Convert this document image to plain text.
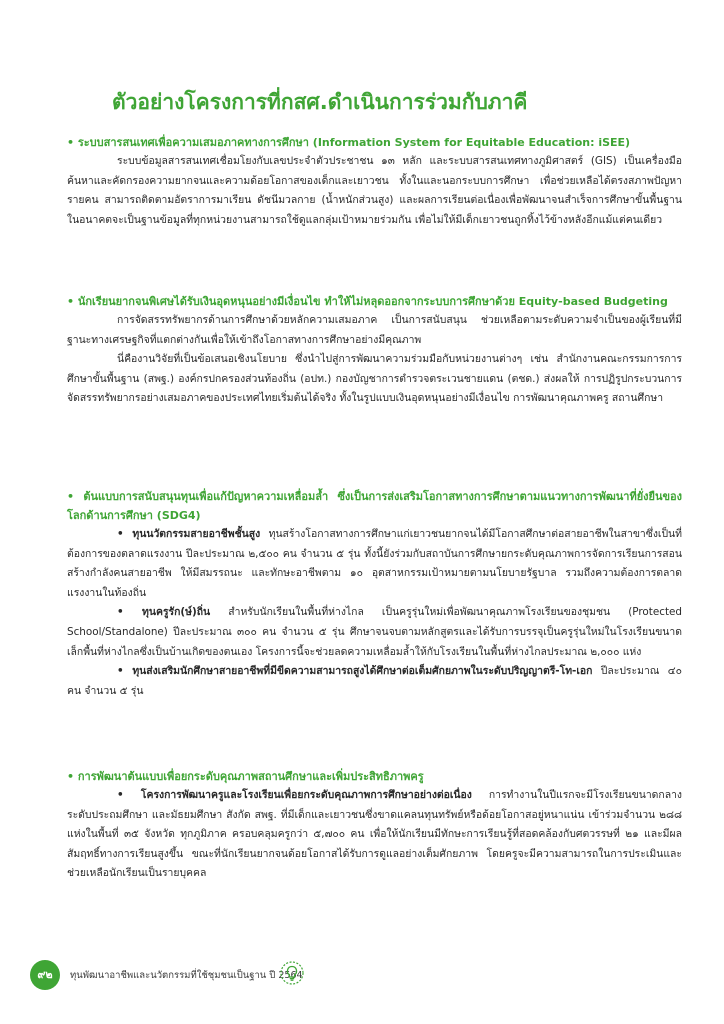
ตัวอย่างโครงการที่กสศ.ดำเนินการร่วมกับภาคี

• ระบบสารสนเทศเพื่อความเสมอภาคทางการศึกษา (Information System for Equitable Education: iSEE)

ระบบข้อมูลสารสนเทศเชื่อมโยงกับเลขประจำตัวประชาชน ๑๓ หลัก และระบบสารสนเทศทางภูมิศาสตร์ (GIS) เป็นเครื่องมือค้นหาและคัดกรองความยากจนและความด้อยโอกาสของเด็กและเยาวชน ทั้งในและนอกระบบการศึกษา เพื่อช่วยเหลือได้ตรงสภาพปัญหารายคน สามารถติดตามอัตราการมาเรียน ดัชนีมวลกาย (น้ำหนักส่วนสูง) และผลการเรียนต่อเนื่องเพื่อพัฒนาจนสำเร็จการศึกษาขั้นพื้นฐาน ในอนาคตจะเป็นฐานข้อมูลที่ทุกหน่วยงานสามารถใช้ดูแลกลุ่มเป้าหมายร่วมกัน เพื่อไม่ให้มีเด็กเยาวชนถูกทิ้งไว้ข้างหลังอีกแม้แต่คนเดียว

• นักเรียนยากจนพิเศษได้รับเงินอุดหนุนอย่างมีเงื่อนไข ทำให้ไม่หลุดออกจากระบบการศึกษาด้วย Equity-based Budgeting

การจัดสรรทรัพยากรด้านการศึกษาด้วยหลักความเสมอภาค เป็นการสนับสนุน ช่วยเหลือตามระดับความจำเป็นของผู้เรียนที่มีฐานะทางเศรษฐกิจที่แตกต่างกันเพื่อให้เข้าถึงโอกาสทางการศึกษาอย่างมีคุณภาพ

นี่คืองานวิจัยที่เป็นข้อเสนอเชิงนโยบาย ซึ่งนำไปสู่การพัฒนาความร่วมมือกับหน่วยงานต่างๆ เช่น สำนักงานคณะกรรมการการศึกษาขั้นพื้นฐาน (สพฐ.) องค์กรปกครองส่วนท้องถิ่น (อปท.) กองบัญชาการตำรวจตระเวนชายแดน (ตชด.) ส่งผลให้ การปฏิรูปกระบวนการจัดสรรทรัพยากรอย่างเสมอภาคของประเทศไทยเริ่มต้นได้จริง ทั้งในรูปแบบเงินอุดหนุนอย่างมีเงื่อนไข การพัฒนาคุณภาพครู สถานศึกษา

• ต้นแบบการสนับสนุนทุนเพื่อแก้ปัญหาความเหลื่อมล้ำ ซึ่งเป็นการส่งเสริมโอกาสทางการศึกษาตามแนวทางการพัฒนาที่ยั่งยืนของโลกด้านการศึกษา (SDG4)

• ทุนนวัตกรรมสายอาชีพชั้นสูง ทุนสร้างโอกาสทางการศึกษาแก่เยาวชนยากจนได้มีโอกาสศึกษาต่อสายอาชีพในสาขาซึ่งเป็นที่ต้องการของตลาดแรงงาน ปีละประมาณ ๒,๕๐๐ คน จำนวน ๕ รุ่น ทั้งนี้ยังร่วมกับสถาบันการศึกษายกระดับคุณภาพการจัดการเรียนการสอนสร้างกำลังคนสายอาชีพ ให้มีสมรรถนะ และทักษะอาชีพตาม ๑๐ อุตสาหกรรมเป้าหมายตามนโยบายรัฐบาล รวมถึงความต้องการตลาดแรงงานในท้องถิ่น

• ทุนครูรัก(ษ์)ถิ่น สำหรับนักเรียนในพื้นที่ห่างไกล เป็นครูรุ่นใหม่เพื่อพัฒนาคุณภาพโรงเรียนของชุมชน (Protected School/Standalone) ปีละประมาณ ๓๐๐ คน จำนวน ๕ รุ่น ศึกษาจนจบตามหลักสูตรและได้รับการบรรจุเป็นครูรุ่นใหม่ในโรงเรียนขนาดเล็กพื้นที่ห่างไกลซึ่งเป็นบ้านเกิดของตนเอง โครงการนี้จะช่วยลดความเหลื่อมล้ำให้กับโรงเรียนในพื้นที่ห่างไกลประมาณ ๒,๐๐๐ แห่ง

• ทุนส่งเสริมนักศึกษาสายอาชีพที่มีขีดความสามารถสูงได้ศึกษาต่อเต็มศักยภาพในระดับปริญญาตรี-โท-เอก ปีละประมาณ ๔๐ คน จำนวน ๕ รุ่น

• การพัฒนาต้นแบบเพื่อยกระดับคุณภาพสถานศึกษาและเพิ่มประสิทธิภาพครู

• โครงการพัฒนาครูและโรงเรียนเพื่อยกระดับคุณภาพการศึกษาอย่างต่อเนื่อง การทำงานในปีแรกจะมีโรงเรียนขนาดกลาง ระดับประถมศึกษา และมัธยมศึกษา สังกัด สพฐ. ที่มีเด็กและเยาวชนซึ่งขาดแคลนทุนทรัพย์หรือด้อยโอกาสอยู่หนาแน่น เข้าร่วมจำนวน ๒๘๘ แห่งในพื้นที่ ๓๕ จังหวัด ทุกภูมิภาค ครอบคลุมครูกว่า ๕,๗๐๐ คน เพื่อให้นักเรียนมีทักษะการเรียนรู้ที่สอดคล้องกับศตวรรษที่ ๒๑ และมีผลสัมฤทธิ์ทางการเรียนสูงขึ้น ขณะที่นักเรียนยากจนด้อยโอกาสได้รับการดูแลอย่างเต็มศักยภาพ โดยครูจะมีความสามารถในการประเมินและช่วยเหลือนักเรียนเป็นรายบุคคล

๙๒	ทุนพัฒนาอาชีพและนวัตกรรมที่ใช้ชุมชนเป็นฐาน ปี 2564
